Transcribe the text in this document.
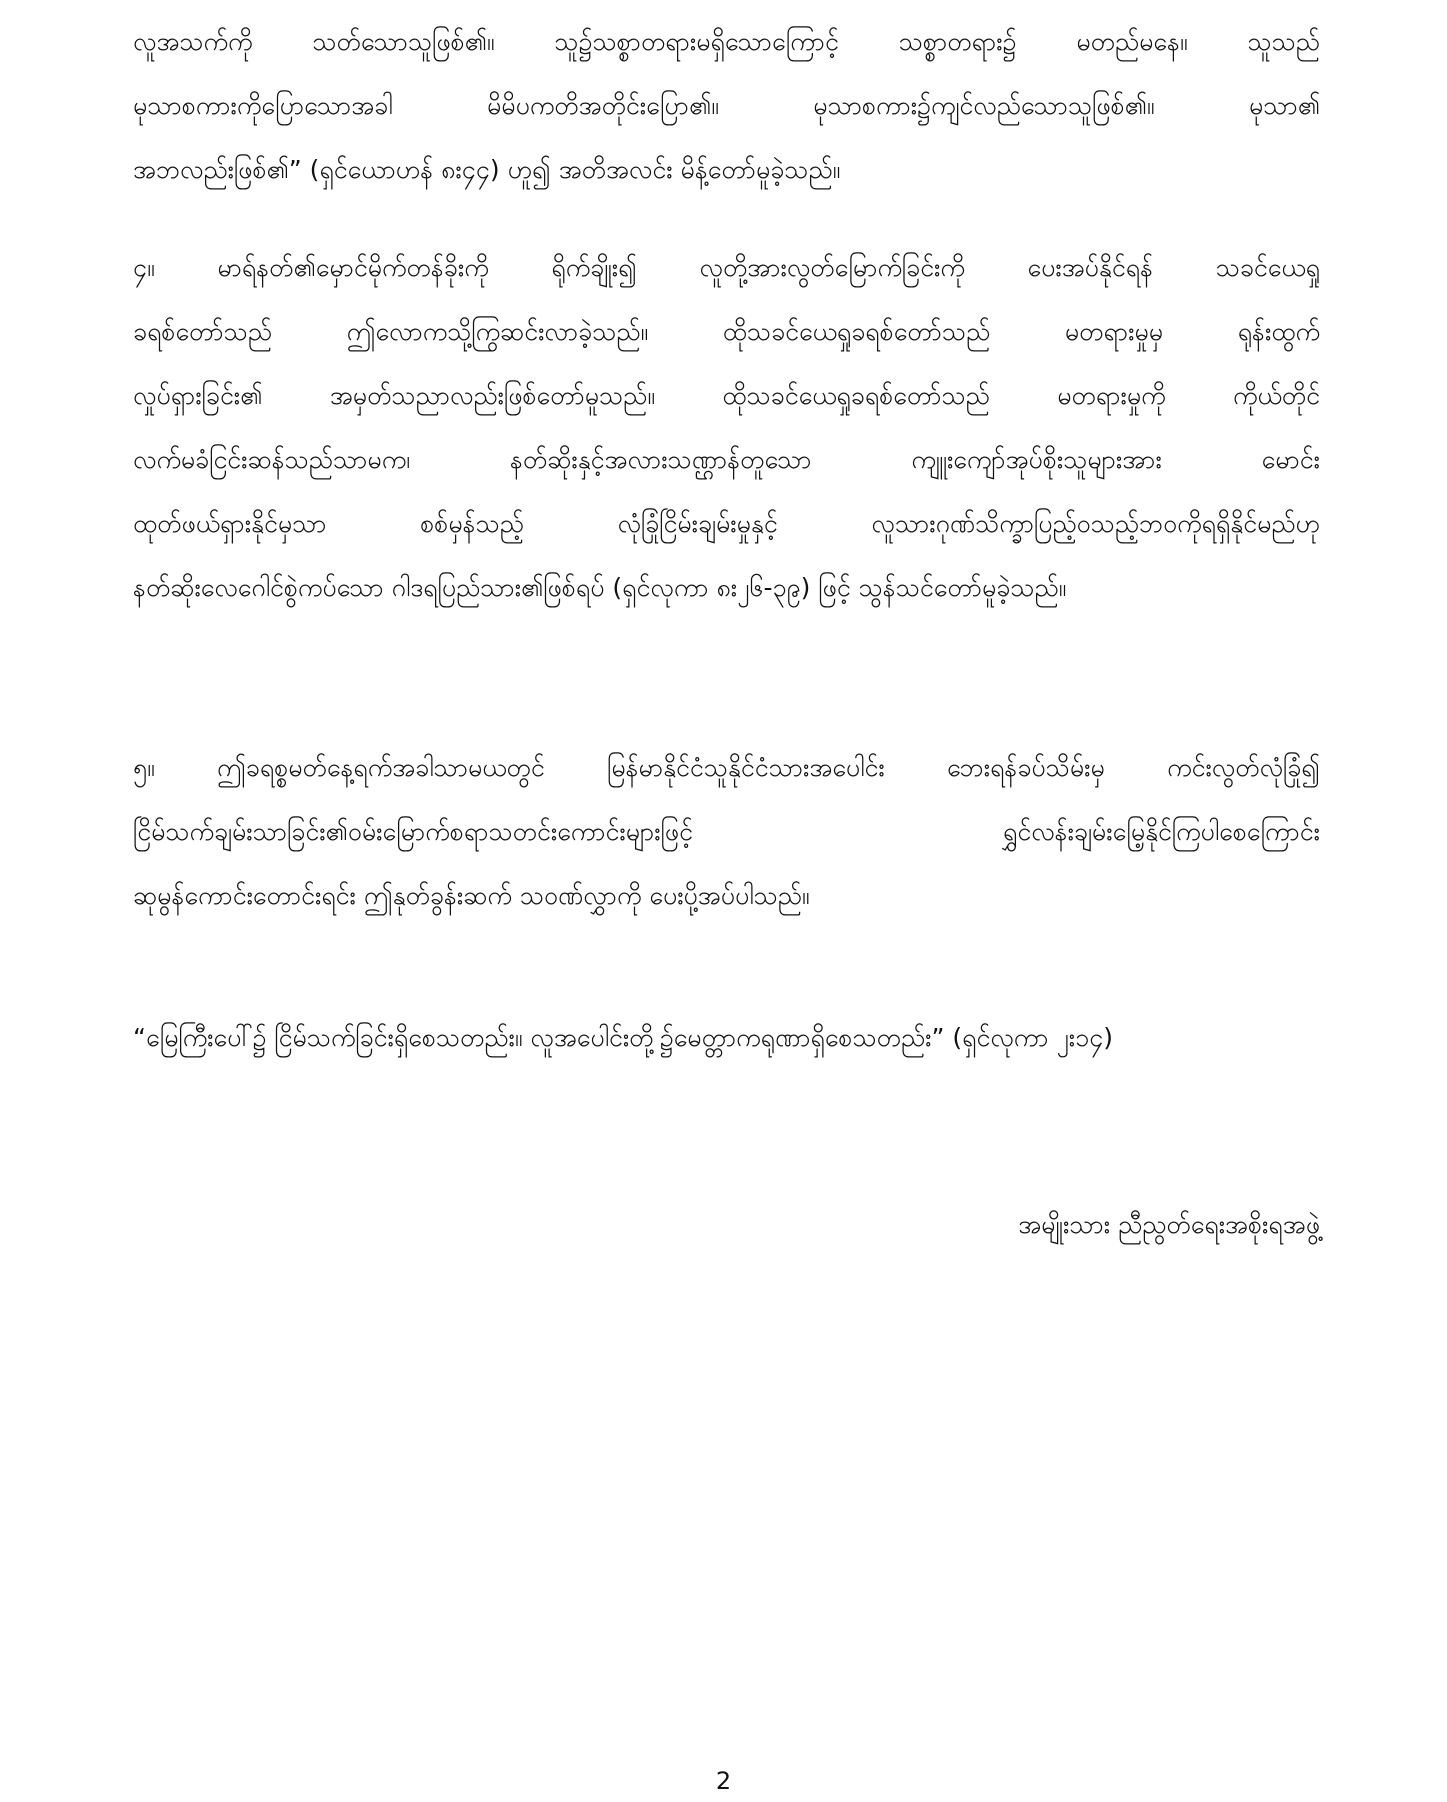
လူအသက်ကို သတ်သောသူဖြစ်၏။ သူ၌သစ္စာတရားမရှိသောကြောင့် သစ္စာတရား၌ မတည်မနေ။ သူသည်
မုသာစကားကိုပြောသောအခါ	မိမိပကတိအတိုင်းပြော၏။	မုသာစကား၌ကျင်လည်သောသူဖြစ်၏။	မုသာ၏
အဘလည်းဖြစ်၏” (ရှင်ယောဟန် ၈း၄၄) ဟူ၍ အတိအလင်း မိန့်တော်မူခဲ့သည်။
၄။	မာရ်နတ်၏မှောင်မိုက်တန်ခိုးကို	ရိုက်ချိုး၍	လူတို့အားလွတ်မြောက်ခြင်းကို	ပေးအပ်နိုင်ရန်	သခင်ယေရှု
ခရစ်တော်သည်	ဤလောကသို့ကြွဆင်းလာခဲ့သည်။	ထိုသခင်ယေရှုခရစ်တော်သည်	မတရားမှုမှ	ရုန်းထွက်
လှုပ်ရှားခြင်း၏	အမှတ်သညာလည်းဖြစ်တော်မူသည်။	ထိုသခင်ယေရှုခရစ်တော်သည်	မတရားမှုကို	ကိုယ်တိုင်
လက်မခံငြင်းဆန်သည်သာမက၊	နတ်ဆိုးနှင့်အလားသဏ္ဌာန်တူသော	ကျူးကျော်အုပ်စိုးသူများအား	မောင်း
ထုတ်ဖယ်ရှားနိုင်မှသာ	စစ်မှန်သည့်	လုံခြုံငြိမ်းချမ်းမှုနှင့်	လူသားဂုဏ်သိက္ခာပြည့်ဝသည့်ဘဝကိုရရှိနိုင်မည်ဟု
နတ်ဆိုးလေဂေါင်စွဲကပ်သော ဂါဒရပြည်သား၏ဖြစ်ရပ် (ရှင်လုကာ ၈း၂၆-၃၉) ဖြင့် သွန်သင်တော်မူခဲ့သည်။
၅။ ဤခရစ္စမတ်နေ့ရက်အခါသာမယတွင် မြန်မာနိုင်ငံသူနိုင်ငံသားအပေါင်း ဘေးရန်ခပ်သိမ်းမှ ကင်းလွတ်လုံခြုံ၍
ငြိမ်သက်ချမ်းသာခြင်း၏ဝမ်းမြောက်စရာသတင်းကောင်းများဖြင့်	ရွှင်လန်းချမ်းမြေ့နိုင်ကြပါစေကြောင်း
ဆုမွန်ကောင်းတောင်းရင်း ဤနုတ်ခွန်းဆက် သဝဏ်လွှာကို ပေးပို့အပ်ပါသည်။
“မြေကြီးပေါ်၌ ငြိမ်သက်ခြင်းရှိစေသတည်း။ လူအပေါင်းတို့၌မေတ္တာကရုဏာရှိစေသတည်း” (ရှင်လုကာ ၂း၁၄)
အမျိုးသား ညီညွတ်ရေးအစိုးရအဖွဲ့
2
